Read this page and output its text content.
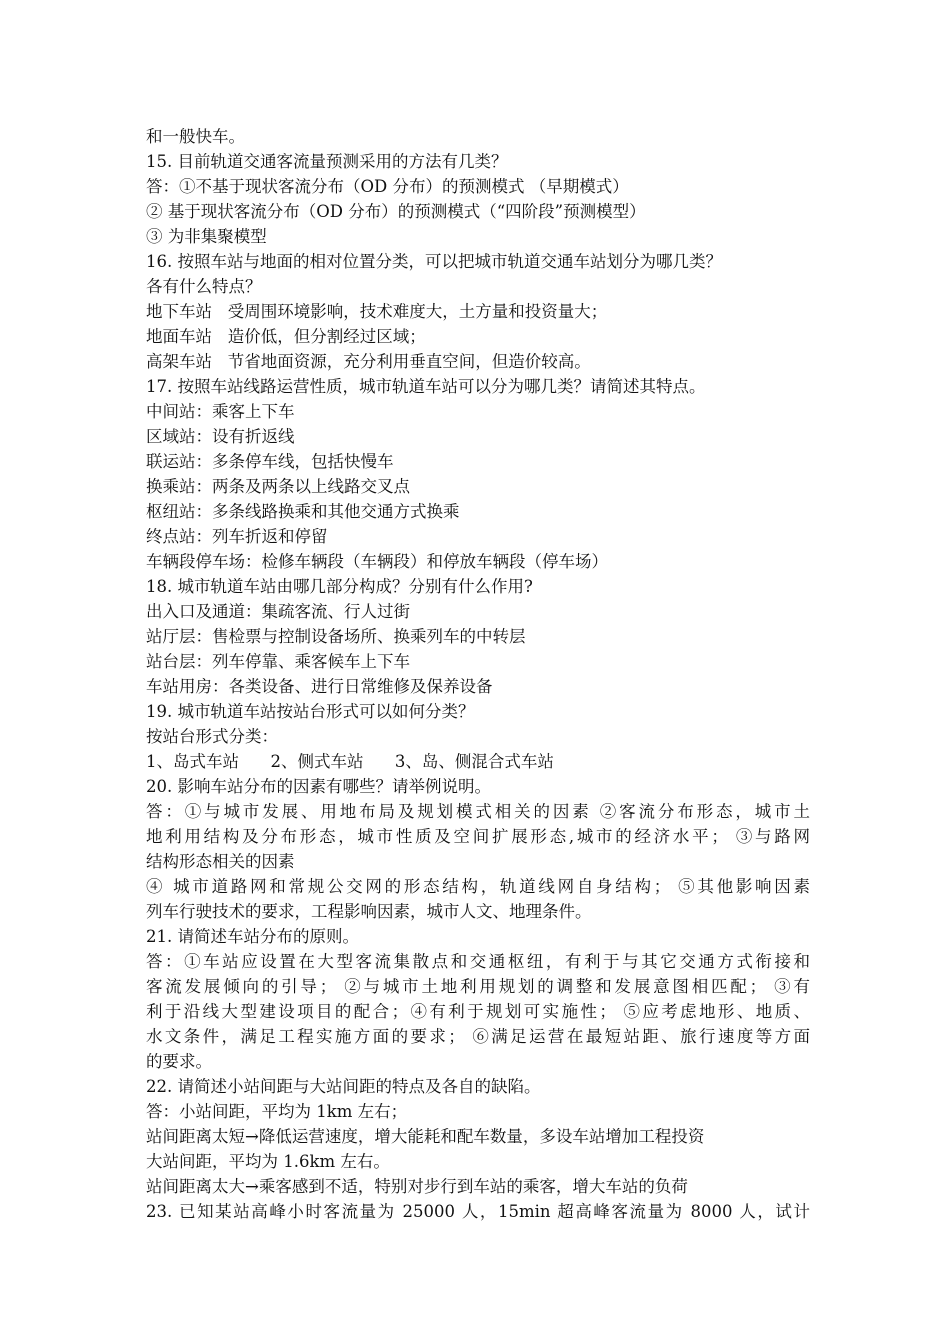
和一般快车。
15. 目前轨道交通客流量预测采用的方法有几类？
答：①不基于现状客流分布（OD 分布）的预测模式 （早期模式）
② 基于现状客流分布（OD 分布）的预测模式（“四阶段”预测模型）
③ 为非集聚模型
16. 按照车站与地面的相对位置分类，可以把城市轨道交通车站划分为哪几类？
各有什么特点？
地下车站   受周围环境影响，技术难度大，土方量和投资量大；
地面车站   造价低，但分割经过区域；
高架车站   节省地面资源，充分利用垂直空间，但造价较高。
17. 按照车站线路运营性质，城市轨道车站可以分为哪几类？请简述其特点。
中间站：乘客上下车
区域站：设有折返线
联运站：多条停车线，包括快慢车
换乘站：两条及两条以上线路交叉点
枢纽站：多条线路换乘和其他交通方式换乘
终点站：列车折返和停留
车辆段停车场：检修车辆段（车辆段）和停放车辆段（停车场）
18. 城市轨道车站由哪几部分构成？分别有什么作用?
出入口及通道：集疏客流、行人过街
站厅层：售检票与控制设备场所、换乘列车的中转层
站台层：列车停靠、乘客候车上下车
车站用房：各类设备、进行日常维修及保养设备
19. 城市轨道车站按站台形式可以如何分类？
按站台形式分类：
1、岛式车站      2、侧式车站      3、岛、侧混合式车站
20. 影响车站分布的因素有哪些？请举例说明。
答：①与城市发展、用地布局及规划模式相关的因素 ②客流分布形态，城市土
地利用结构及分布形态，城市性质及空间扩展形态,城市的经济水平； ③与路网
结构形态相关的因素
④ 城市道路网和常规公交网的形态结构，轨道线网自身结构； ⑤其他影响因素
列车行驶技术的要求，工程影响因素，城市人文、地理条件。
21. 请简述车站分布的原则。
答：①车站应设置在大型客流集散点和交通枢纽，有利于与其它交通方式衔接和
客流发展倾向的引导； ②与城市土地利用规划的调整和发展意图相匹配； ③有
利于沿线大型建设项目的配合；④有利于规划可实施性； ⑤应考虑地形、地质、
水文条件，满足工程实施方面的要求； ⑥满足运营在最短站距、旅行速度等方面
的要求。
22. 请简述小站间距与大站间距的特点及各自的缺陷。
答：小站间距，平均为 1km 左右；
站间距离太短→降低运营速度，增大能耗和配车数量，多设车站增加工程投资
大站间距，平均为 1.6km 左右。
站间距离太大→乘客感到不适，特别对步行到车站的乘客，增大车站的负荷
23. 已知某站高峰小时客流量为 25000 人，15min 超高峰客流量为 8000 人，试计
